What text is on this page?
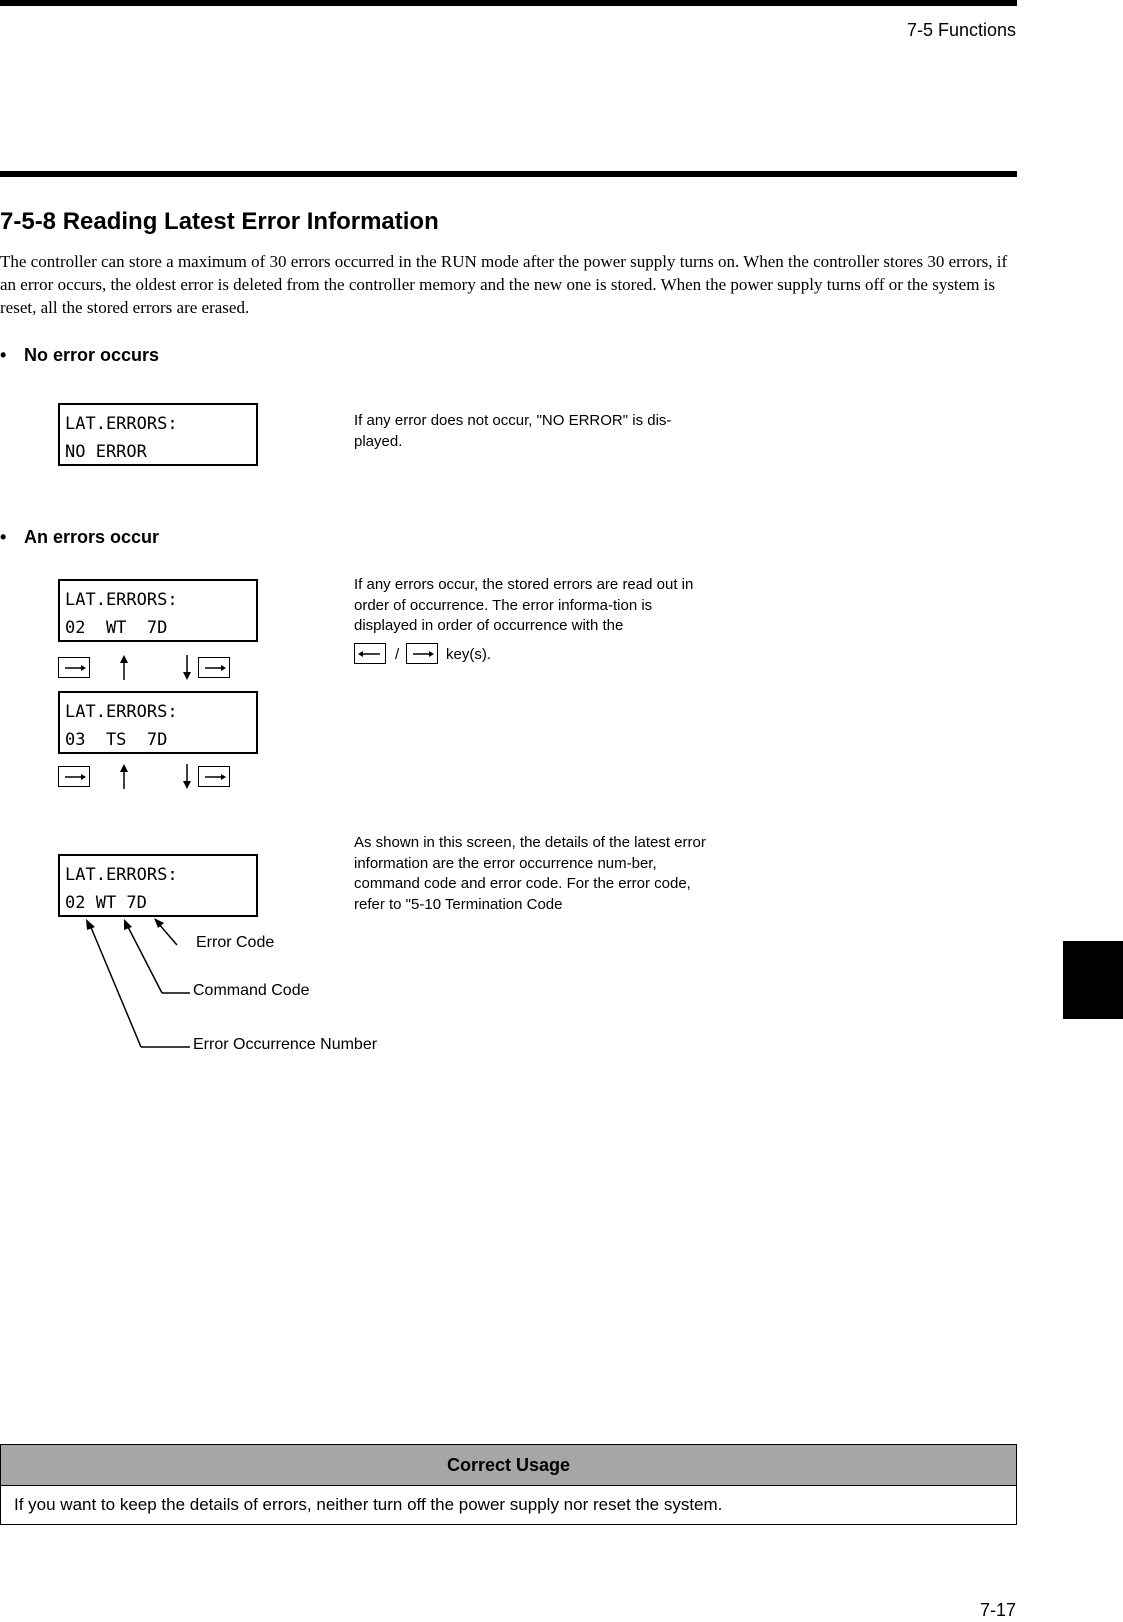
7-5 Functions
7-5-8 Reading Latest Error Information

The controller can store a maximum of 30 errors occurred in the RUN mode after the power supply turns on. When the controller stores 30 errors, if an error occurs, the oldest error is deleted from the controller memory and the new one is stored. When the power supply turns off or the system is reset, all the stored errors are erased.

• No error occurs
LAT.ERRORS:
NO ERROR

If any error does not occur, "NO ERROR" is dis-played.

• An errors occur
LAT.ERRORS:
02  WT  7D
LAT.ERRORS:
03  TS  7D

If any errors occur, the stored errors are read out in order of occurrence. The error informa-tion is displayed in order of occurrence with the

/	key(s).
LAT.ERRORS:
02 WT 7D

As shown in this screen, the details of the latest error information are the error occurrence num-ber, command code and error code. For the error code, refer to "5-10 Termination Code

Error Code
Command Code
Error Occurrence Number
Correct Usage
If you want to keep the details of errors, neither turn off the power supply nor reset the system.
7-17
